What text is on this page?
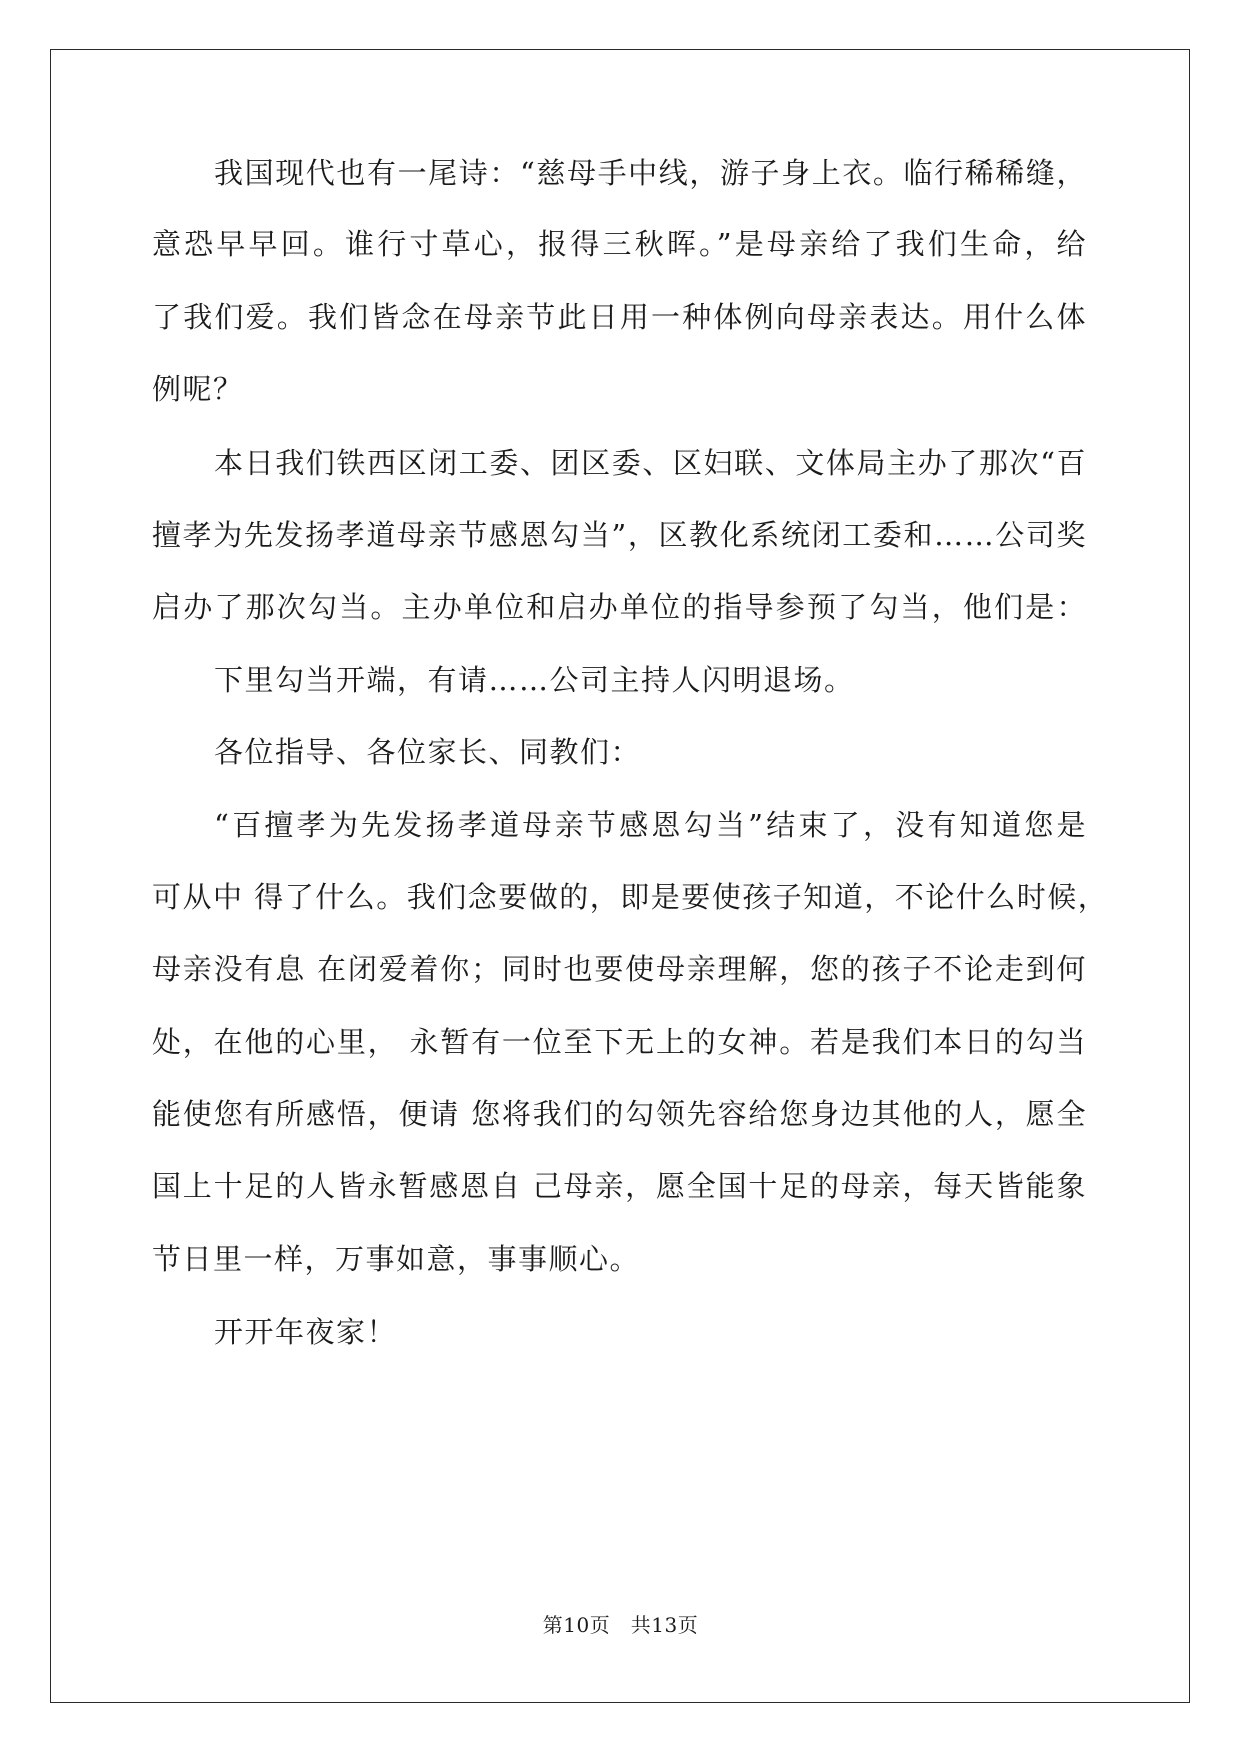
我国现代也有一尾诗：“慈母手中线，游子身上衣。临行稀稀缝，
意恐早早回。谁行寸草心，报得三秋晖。”是母亲给了我们生命，给
了我们爱。我们皆念在母亲节此日用一种体例向母亲表达。用什么体
例呢？
本日我们铁西区闭工委、团区委、区妇联、文体局主办了那次“百
擅孝为先发扬孝道母亲节感恩勾当”，区教化系统闭工委和……公司奖
启办了那次勾当。主办单位和启办单位的指导参预了勾当，他们是：
下里勾当开端，有请……公司主持人闪明退场。
各位指导、各位家长、同教们：
“百擅孝为先发扬孝道母亲节感恩勾当”结束了，没有知道您是
可从中 得了什么。我们念要做的，即是要使孩子知道，不论什么时候，
母亲没有息 在闭爱着你；同时也要使母亲理解，您的孩子不论走到何
处，在他的心里， 永暂有一位至下无上的女神。若是我们本日的勾当
能使您有所感悟，便请 您将我们的勾领先容给您身边其他的人，愿全
国上十足的人皆永暂感恩自 己母亲，愿全国十足的母亲，每天皆能象
节日里一样，万事如意，事事顺心。
开开年夜家！
第10页　共13页
